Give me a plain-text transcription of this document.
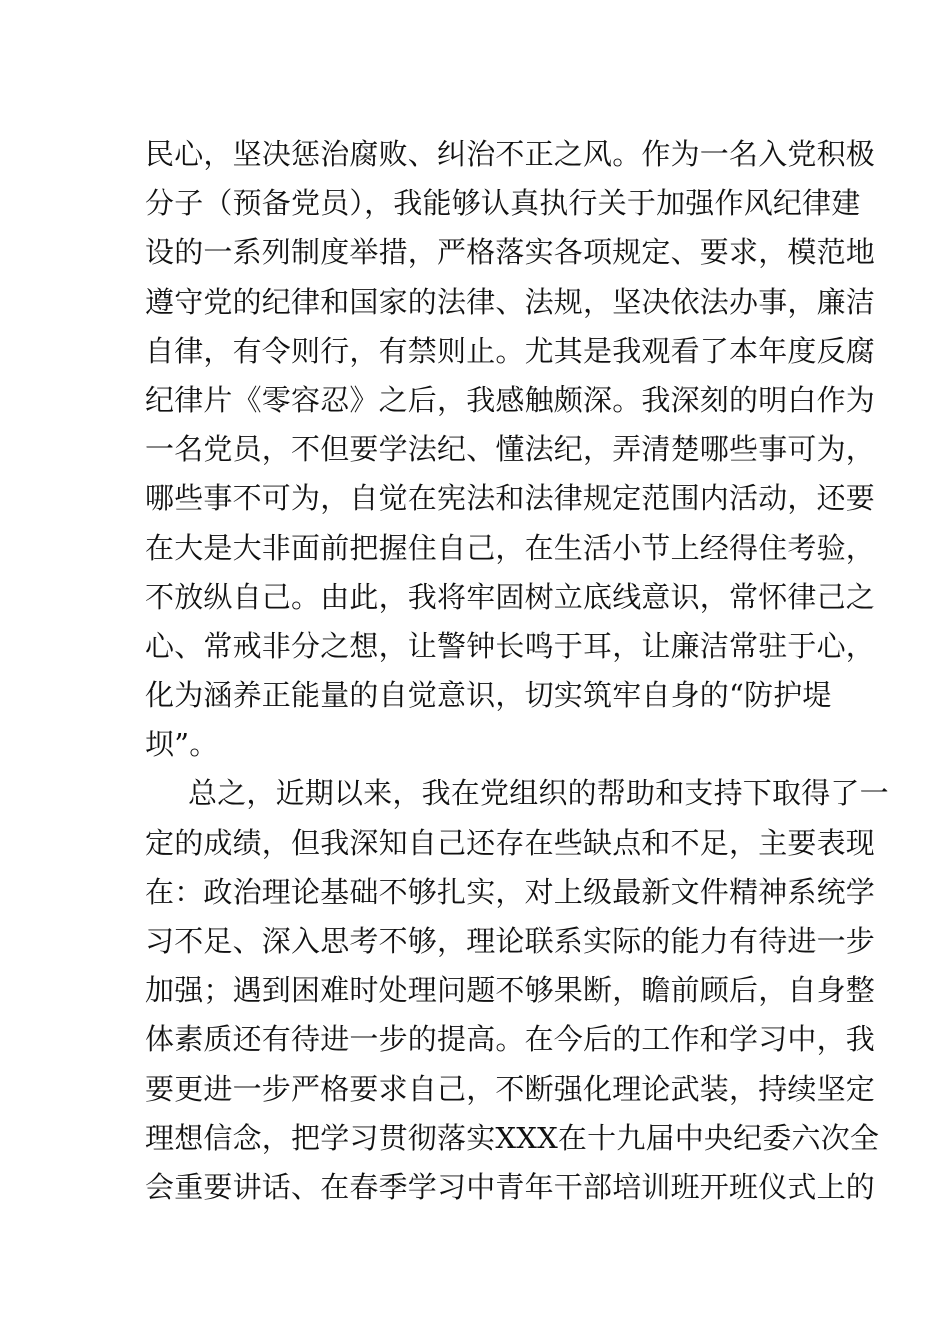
民心，坚决惩治腐败、纠治不正之风。作为一名入党积极
分子（预备党员），我能够认真执行关于加强作风纪律建
设的一系列制度举措，严格落实各项规定、要求，模范地
遵守党的纪律和国家的法律、法规，坚决依法办事，廉洁
自律，有令则行，有禁则止。尤其是我观看了本年度反腐
纪律片《零容忍》之后，我感触颇深。我深刻的明白作为
一名党员，不但要学法纪、懂法纪，弄清楚哪些事可为，
哪些事不可为，自觉在宪法和法律规定范围内活动，还要
在大是大非面前把握住自己，在生活小节上经得住考验，
不放纵自己。由此，我将牢固树立底线意识，常怀律己之
心、常戒非分之想，让警钟长鸣于耳，让廉洁常驻于心，
化为涵养正能量的自觉意识，切实筑牢自身的“防护堤
坝”。
总之，近期以来，我在党组织的帮助和支持下取得了一
定的成绩，但我深知自己还存在些缺点和不足，主要表现
在：政治理论基础不够扎实，对上级最新文件精神系统学
习不足、深入思考不够，理论联系实际的能力有待进一步
加强；遇到困难时处理问题不够果断，瞻前顾后，自身整
体素质还有待进一步的提高。在今后的工作和学习中，我
要更进一步严格要求自己，不断强化理论武装，持续坚定
理想信念，把学习贯彻落实XXX在十九届中央纪委六次全
会重要讲话、在春季学习中青年干部培训班开班仪式上的
